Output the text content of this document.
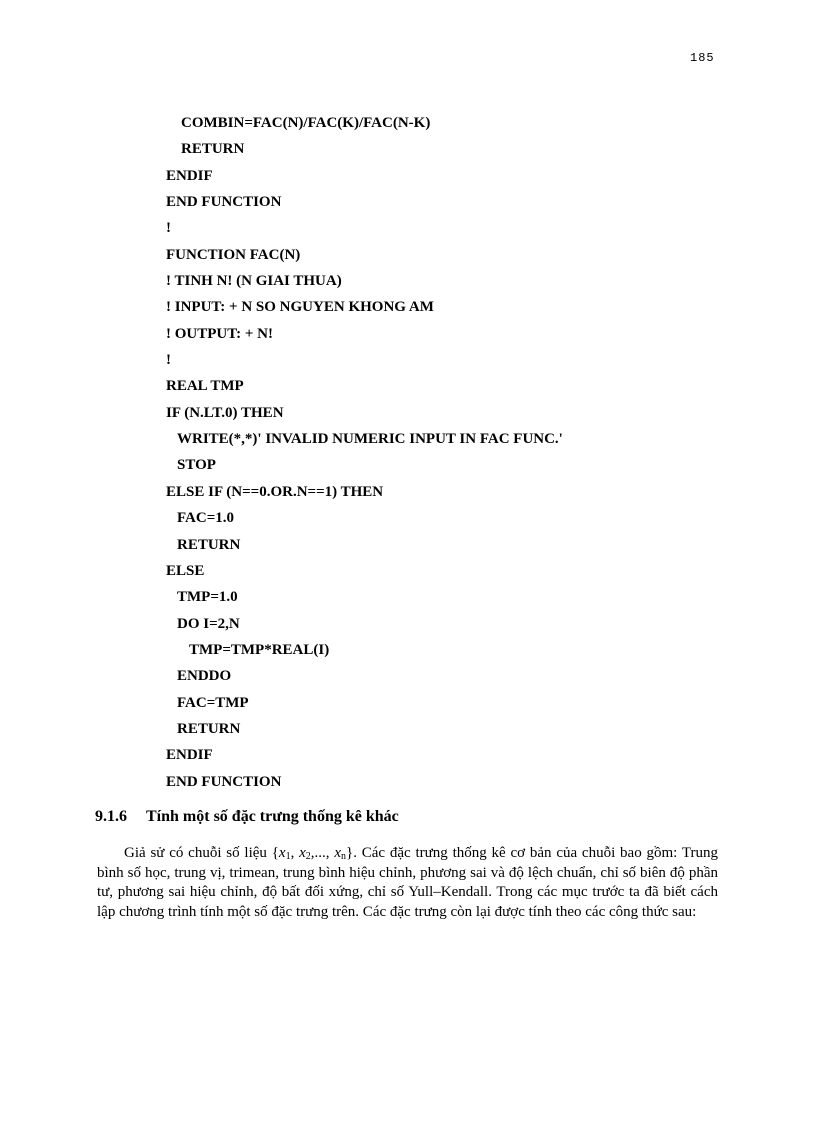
185
COMBIN=FAC(N)/FAC(K)/FAC(N-K)
RETURN
ENDIF
END FUNCTION
!
FUNCTION FAC(N)
! TINH N! (N GIAI THUA)
! INPUT: + N SO NGUYEN KHONG AM
! OUTPUT: + N!
!
REAL TMP
IF (N.LT.0) THEN
WRITE(*,*)' INVALID NUMERIC INPUT IN FAC FUNC.'
STOP
ELSE IF (N==0.OR.N==1) THEN
FAC=1.0
RETURN
ELSE
TMP=1.0
DO I=2,N
TMP=TMP*REAL(I)
ENDDO
FAC=TMP
RETURN
ENDIF
END FUNCTION
9.1.6 Tính một số đặc trưng thống kê khác

Giả sử có chuỗi số liệu {$x_1$, $x_2$,..., $x_n$}. Các đặc trưng thống kê cơ bản của chuỗi bao gồm: Trung bình số học, trung vị, trimean, trung bình hiệu chỉnh, phương sai và độ lệch chuẩn, chỉ số biên độ phần tư, phương sai hiệu chỉnh, độ bất đối xứng, chỉ số Yull–Kendall. Trong các mục trước ta đã biết cách lập chương trình tính một số đặc trưng trên. Các đặc trưng còn lại được tính theo các công thức sau:
